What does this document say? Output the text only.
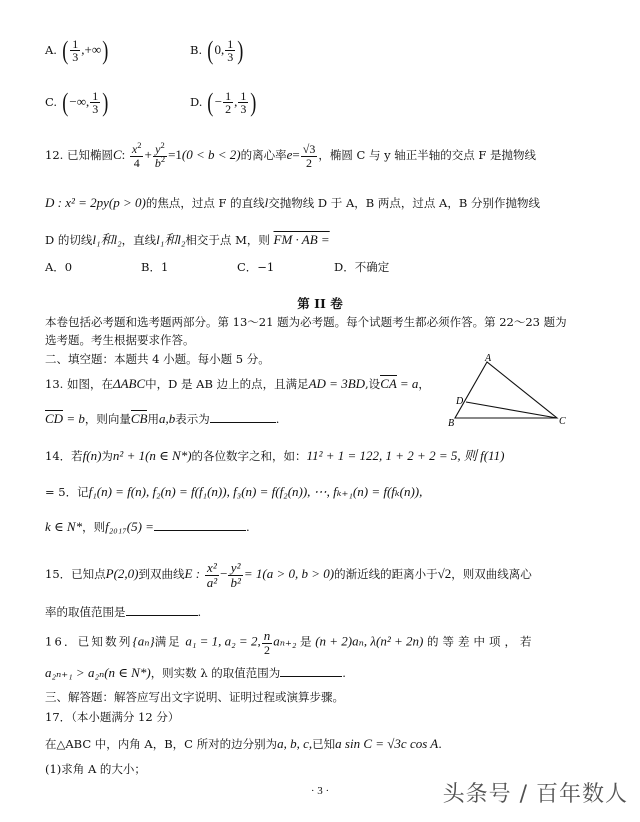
A. ( $\frac{1}{3}$ ,+∞)	B. (0, $\frac{1}{3}$ )
C. (−∞, $\frac{1}{3}$ )	D. (− $\frac{1}{2}$ , $\frac{1}{3}$ )
12. 已知椭圆C: $\frac{x^2}{4} + \frac{y^2}{b^2} =1(0 < b < 2)$的离心率$e= \frac{√3}{2}$ ，椭圆 C 与 y 轴正半轴的交点 F 是抛物线
D : x² = 2py(p > 0)的焦点，过点 F 的直线l交抛物线 D 于 A，B 两点，过点 A，B 分别作抛物线
D 的切线l₁和l₂，直线l₁和l₂相交于点 M，则 FM · AB =
A．0	B．1	C．−1	D．不确定
第 II 卷
本卷包括必考题和选考题两部分。第 13～21 题为必考题。每个试题考生都必须作答。第 22～23 题为
选考题。考生根据要求作答。
二、填空题：本题共 4 小题。每小题 5 分。
13. 如图，在ΔABC中，D 是 AB 边上的点，且满足AD = 3BD,设CA = a，
CD = b，则向量CB用a,b表示为	.
A
B	C
D
14．若f(n)为n² + 1(n ∈ N*)的各位数字之和，如：11² + 1 = 122, 1 + 2 + 2 = 5, 则 f(11)
= 5．记f₁(n) = f(n), f₂(n) = f(f₁(n)), f₃(n) = f(f₂(n)), ⋯, fₖ₊₁(n) = f(fₖ(n)),
k ∈ N*，则f₂₀₁₇(5) =	.
15．已知点P(2,0)到双曲线E : $\frac{\text{x²}}{\text{a²}} - \frac{\text{y²}}{\text{b²}} = 1(a > 0$, b > 0)的渐近线的距离小于√2，则双曲线离心
率的取值范围是	.
16．已知数列{aₙ}满足 a₁ = 1, a₂ = 2, $\frac{n}{2} a_{n+2}$ 是 (n + 2)aₙ, λ(n² + 2n) 的等差中项，若
a₂ₙ₊₁ > a₂ₙ(n ∈ N*)，则实数 λ 的取值范围为	.
三、解答题：解答应写出文字说明、证明过程或演算步骤。
17．（本小题满分 12 分）
在△ABC 中，内角 A，B，C 所对的边分别为a, b, c,已知a sin C = √3c cos A.
(1)求角 A 的大小；
· 3 ·	头条号 / 百年数人
